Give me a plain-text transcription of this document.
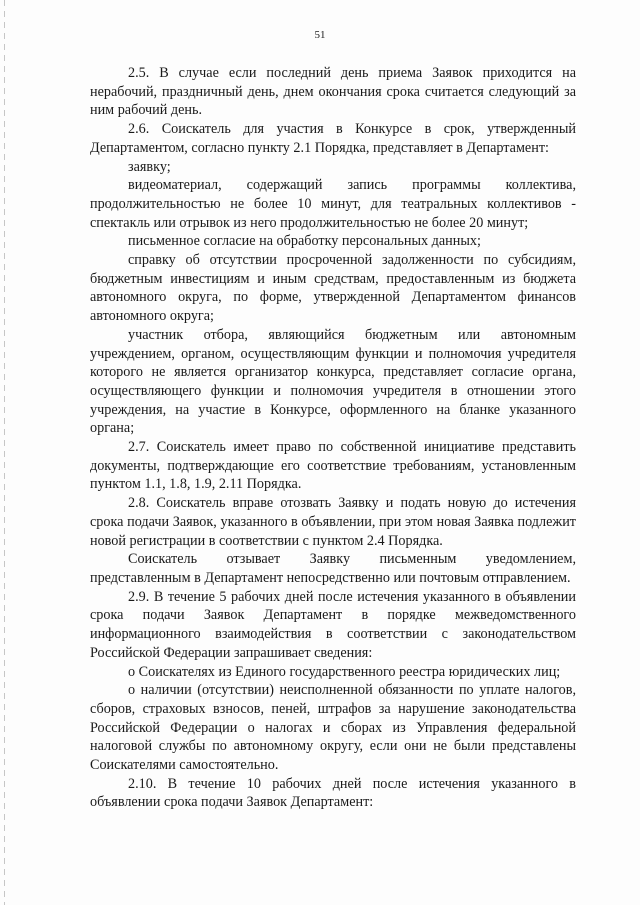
51

2.5. В случае если последний день приема Заявок приходится на нерабочий, праздничный день, днем окончания срока считается следующий за ним рабочий день.

2.6. Соискатель для участия в Конкурсе в срок, утвержденный Департаментом, согласно пункту 2.1 Порядка, представляет в Департамент:

заявку;

видеоматериал, содержащий запись программы коллектива, продолжительностью не более 10 минут, для театральных коллективов - спектакль или отрывок из него продолжительностью не более 20 минут;

письменное согласие на обработку персональных данных;

справку об отсутствии просроченной задолженности по субсидиям, бюджетным инвестициям и иным средствам, предоставленным из бюджета автономного округа, по форме, утвержденной Департаментом финансов автономного округа;

участник отбора, являющийся бюджетным или автономным учреждением, органом, осуществляющим функции и полномочия учредителя которого не является организатор конкурса, представляет согласие органа, осуществляющего функции и полномочия учредителя в отношении этого учреждения, на участие в Конкурсе, оформленного на бланке указанного органа;

2.7. Соискатель имеет право по собственной инициативе представить документы, подтверждающие его соответствие требованиям, установленным пунктом 1.1, 1.8, 1.9, 2.11 Порядка.

2.8. Соискатель вправе отозвать Заявку и подать новую до истечения срока подачи Заявок, указанного в объявлении, при этом новая Заявка подлежит новой регистрации в соответствии с пунктом 2.4 Порядка.

Соискатель отзывает Заявку письменным уведомлением, представленным в Департамент непосредственно или почтовым отправлением.

2.9. В течение 5 рабочих дней после истечения указанного в объявлении срока подачи Заявок Департамент в порядке межведомственного информационного взаимодействия в соответствии с законодательством Российской Федерации запрашивает сведения:

о Соискателях из Единого государственного реестра юридических лиц;

о наличии (отсутствии) неисполненной обязанности по уплате налогов, сборов, страховых взносов, пеней, штрафов за нарушение законодательства Российской Федерации о налогах и сборах из Управления федеральной налоговой службы по автономному округу, если они не были представлены Соискателями самостоятельно.

2.10. В течение 10 рабочих дней после истечения указанного в объявлении срока подачи Заявок Департамент:
